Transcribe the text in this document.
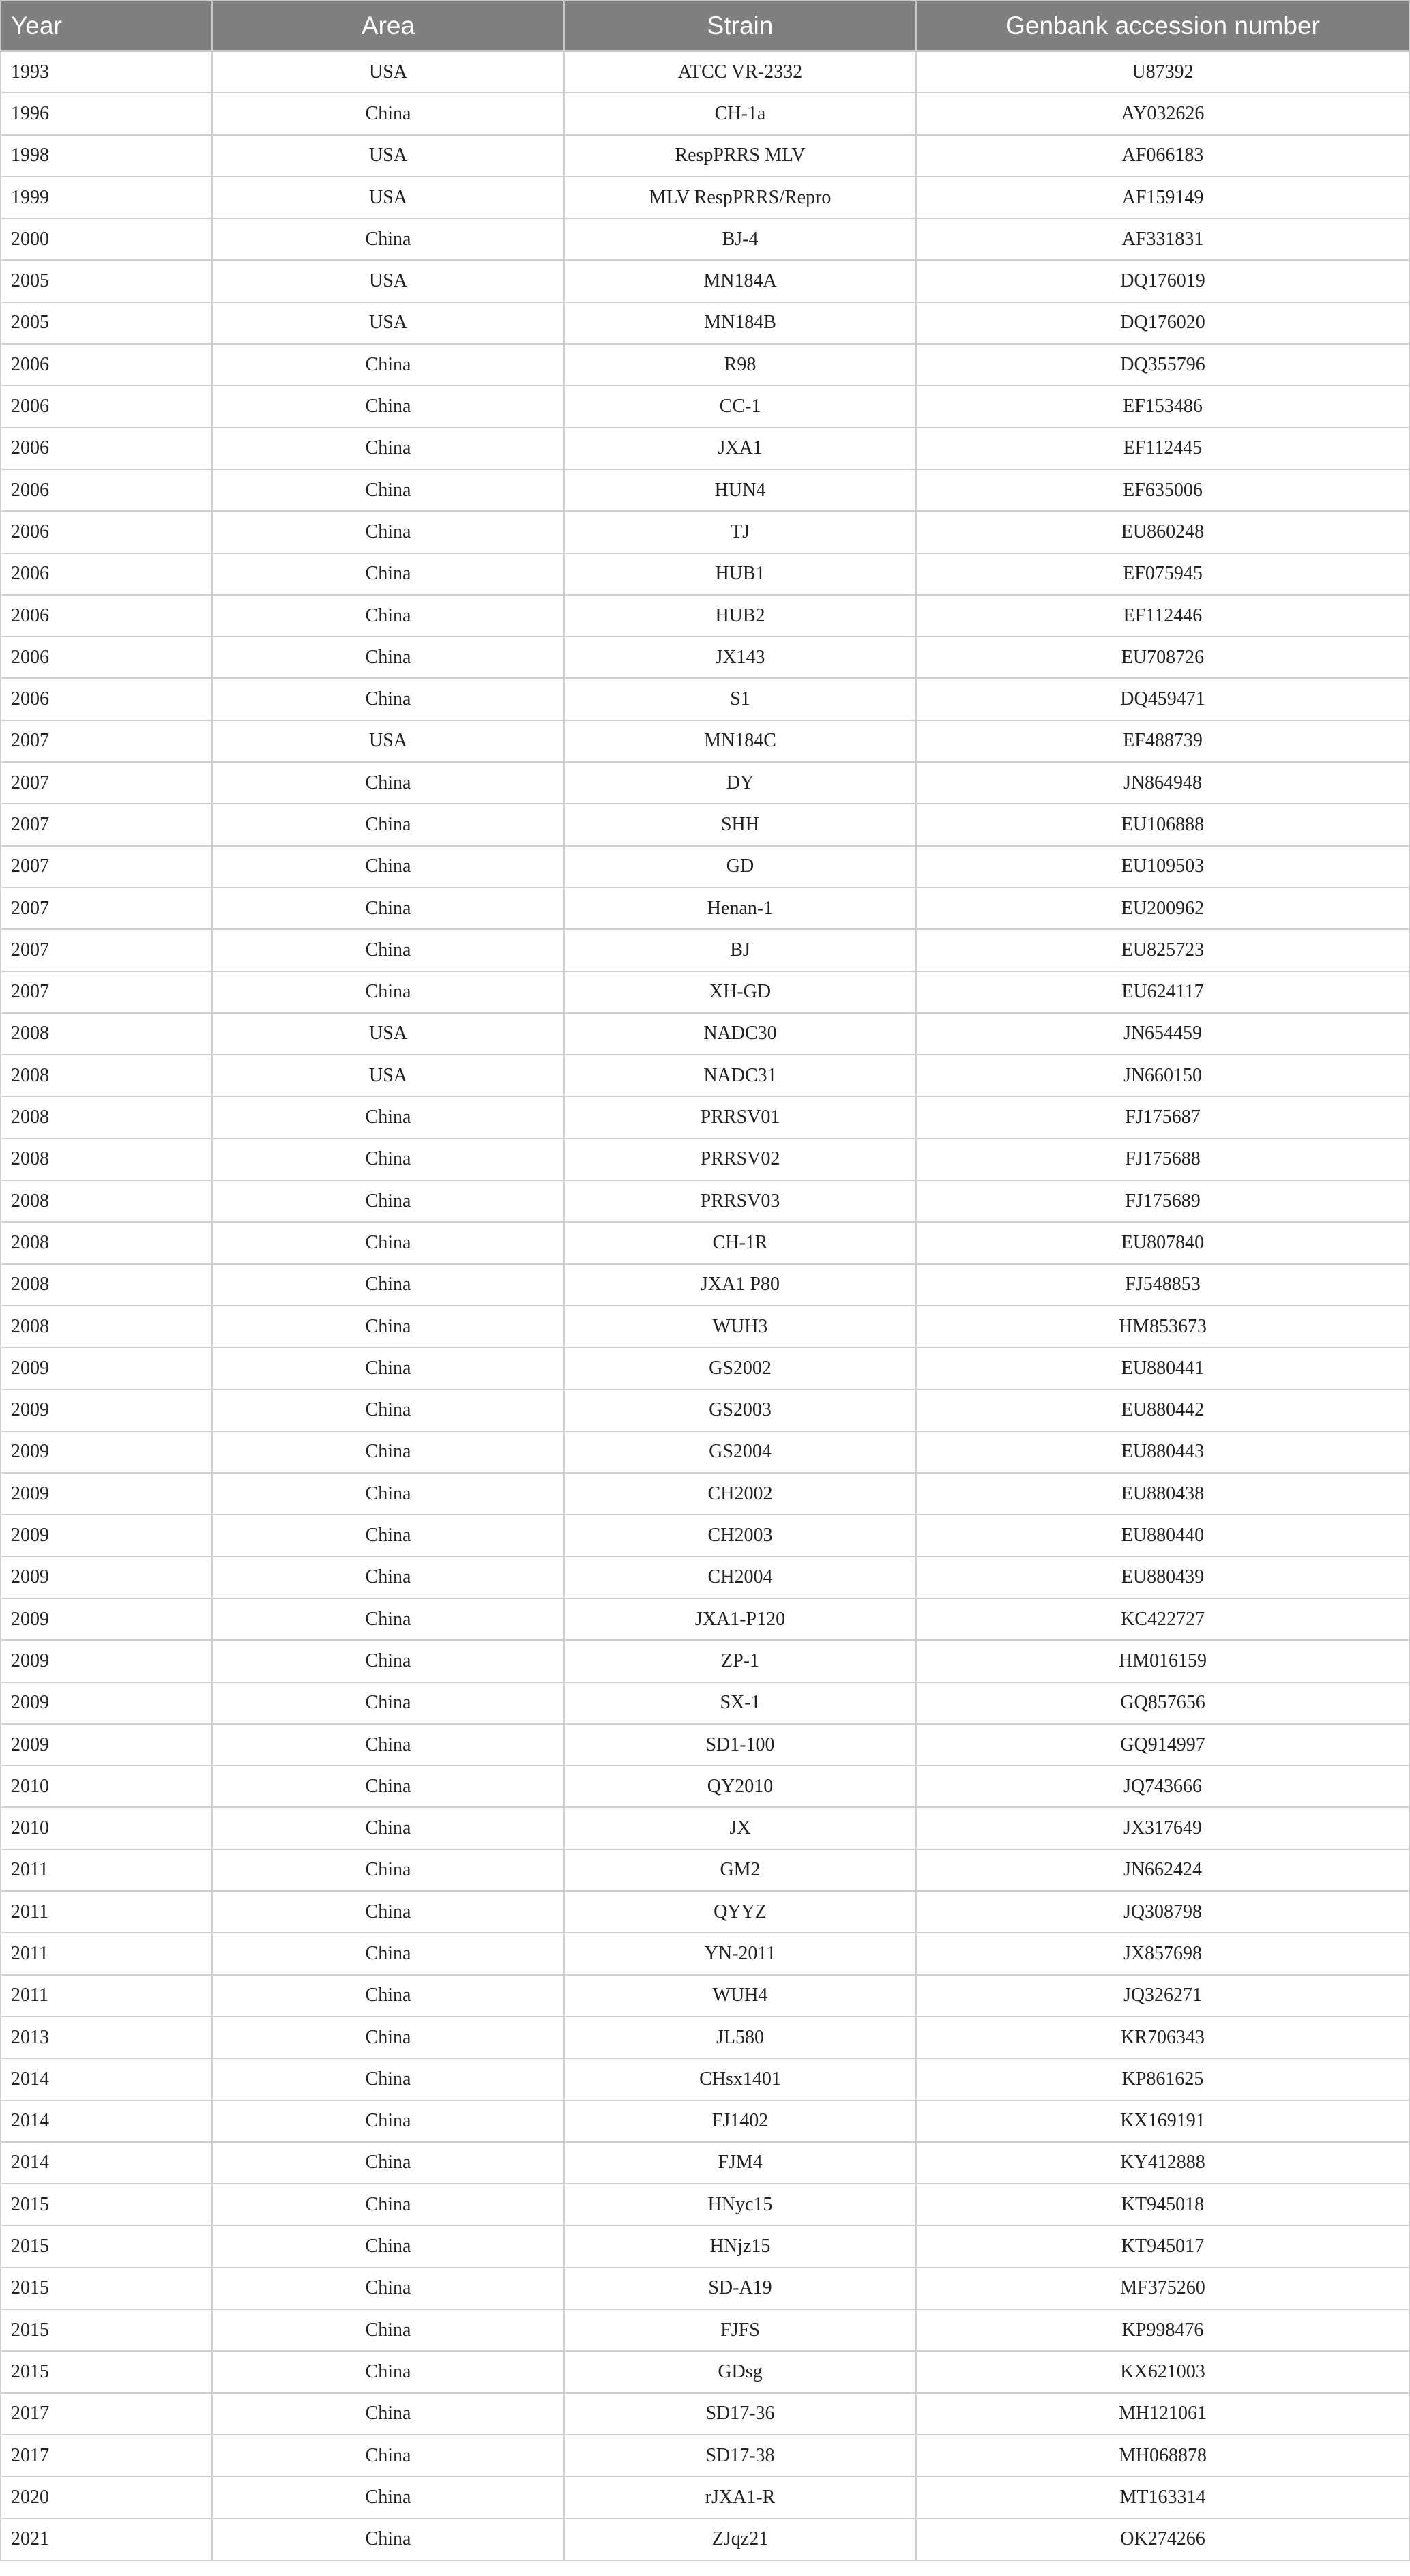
Year	Area	Strain	Genbank accession number
1993	USA	ATCC VR-2332	U87392
1996	China	CH-1a	AY032626
1998	USA	RespPRRS MLV	AF066183
1999	USA	MLV RespPRRS/Repro	AF159149
2000	China	BJ-4	AF331831
2005	USA	MN184A	DQ176019
2005	USA	MN184B	DQ176020
2006	China	R98	DQ355796
2006	China	CC-1	EF153486
2006	China	JXA1	EF112445
2006	China	HUN4	EF635006
2006	China	TJ	EU860248
2006	China	HUB1	EF075945
2006	China	HUB2	EF112446
2006	China	JX143	EU708726
2006	China	S1	DQ459471
2007	USA	MN184C	EF488739
2007	China	DY	JN864948
2007	China	SHH	EU106888
2007	China	GD	EU109503
2007	China	Henan-1	EU200962
2007	China	BJ	EU825723
2007	China	XH-GD	EU624117
2008	USA	NADC30	JN654459
2008	USA	NADC31	JN660150
2008	China	PRRSV01	FJ175687
2008	China	PRRSV02	FJ175688
2008	China	PRRSV03	FJ175689
2008	China	CH-1R	EU807840
2008	China	JXA1 P80	FJ548853
2008	China	WUH3	HM853673
2009	China	GS2002	EU880441
2009	China	GS2003	EU880442
2009	China	GS2004	EU880443
2009	China	CH2002	EU880438
2009	China	CH2003	EU880440
2009	China	CH2004	EU880439
2009	China	JXA1-P120	KC422727
2009	China	ZP-1	HM016159
2009	China	SX-1	GQ857656
2009	China	SD1-100	GQ914997
2010	China	QY2010	JQ743666
2010	China	JX	JX317649
2011	China	GM2	JN662424
2011	China	QYYZ	JQ308798
2011	China	YN-2011	JX857698
2011	China	WUH4	JQ326271
2013	China	JL580	KR706343
2014	China	CHsx1401	KP861625
2014	China	FJ1402	KX169191
2014	China	FJM4	KY412888
2015	China	HNyc15	KT945018
2015	China	HNjz15	KT945017
2015	China	SD-A19	MF375260
2015	China	FJFS	KP998476
2015	China	GDsg	KX621003
2017	China	SD17-36	MH121061
2017	China	SD17-38	MH068878
2020	China	rJXA1-R	MT163314
2021	China	ZJqz21	OK274266
